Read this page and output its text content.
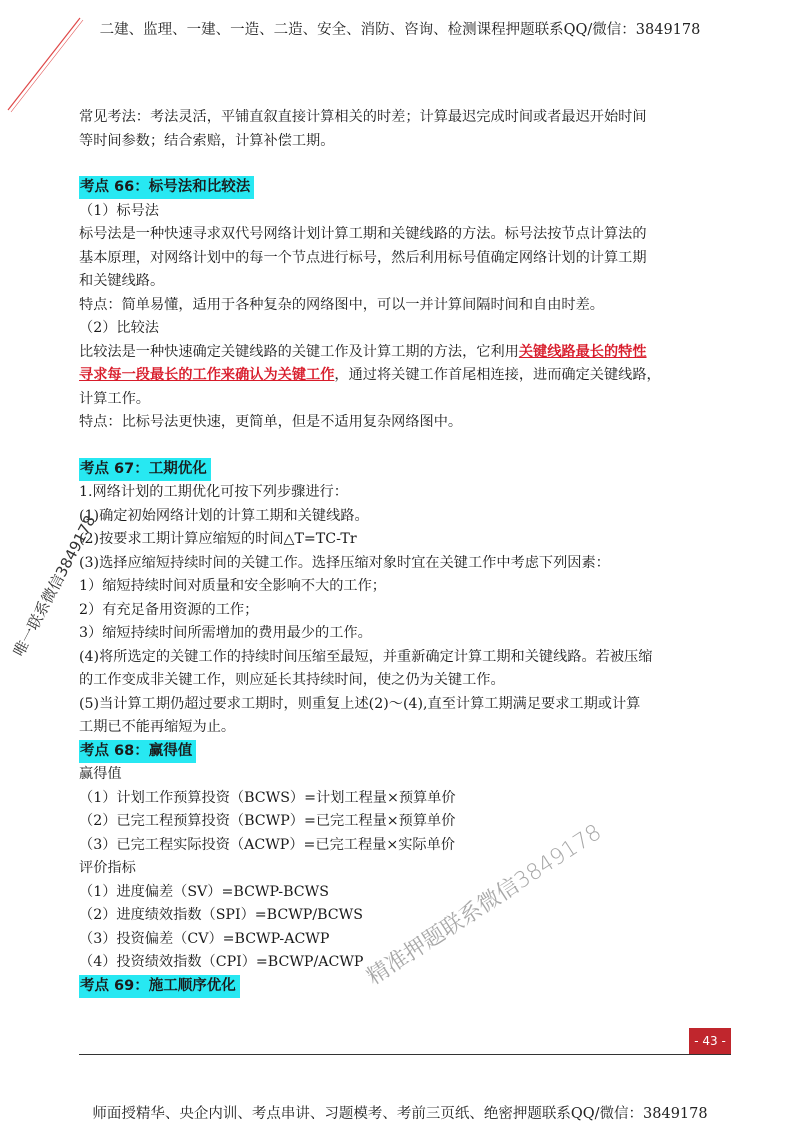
二建、监理、一建、一造、二造、安全、消防、咨询、检测课程押题联系QQ/微信：3849178

常见考法：考法灵活，平铺直叙直接计算相关的时差；计算最迟完成时间或者最迟开始时间

等时间参数；结合索赔，计算补偿工期。

考点 66：标号法和比较法

（1）标号法

标号法是一种快速寻求双代号网络计划计算工期和关键线路的方法。标号法按节点计算法的

基本原理，对网络计划中的每一个节点进行标号，然后利用标号值确定网络计划的计算工期

和关键线路。

特点：简单易懂，适用于各种复杂的网络图中，可以一并计算间隔时间和自由时差。

（2）比较法

比较法是一种快速确定关键线路的关键工作及计算工期的方法，它利用关键线路最长的特性

寻求每一段最长的工作来确认为关键工作，通过将关键工作首尾相连接，进而确定关键线路，

计算工作。

特点：比标号法更快速，更简单，但是不适用复杂网络图中。

考点 67：工期优化

1.网络计划的工期优化可按下列步骤进行：

(1)确定初始网络计划的计算工期和关键线路。

(2)按要求工期计算应缩短的时间△T=TC-Tr

(3)选择应缩短持续时间的关键工作。选择压缩对象时宜在关键工作中考虑下列因素：

1）缩短持续时间对质量和安全影响不大的工作；

2）有充足备用资源的工作；

3）缩短持续时间所需增加的费用最少的工作。

(4)将所选定的关键工作的持续时间压缩至最短，并重新确定计算工期和关键线路。若被压缩

的工作变成非关键工作，则应延长其持续时间，使之仍为关键工作。

(5)当计算工期仍超过要求工期时，则重复上述(2)～(4),直至计算工期满足要求工期或计算

工期已不能再缩短为止。

考点 68：赢得值

赢得值

（1）计划工作预算投资（BCWS）=计划工程量×预算单价

（2）已完工程预算投资（BCWP）=已完工程量×预算单价

（3）已完工程实际投资（ACWP）=已完工程量×实际单价

评价指标

（1）进度偏差（SV）=BCWP-BCWS

（2）进度绩效指数（SPI）=BCWP/BCWS

（3）投资偏差（CV）=BCWP-ACWP

（4）投资绩效指数（CPI）=BCWP/ACWP

考点 69：施工顺序优化
唯一联系微信3849178
精准押题联系微信3849178
- 43 -
师面授精华、央企内训、考点串讲、习题模考、考前三页纸、绝密押题联系QQ/微信：3849178
